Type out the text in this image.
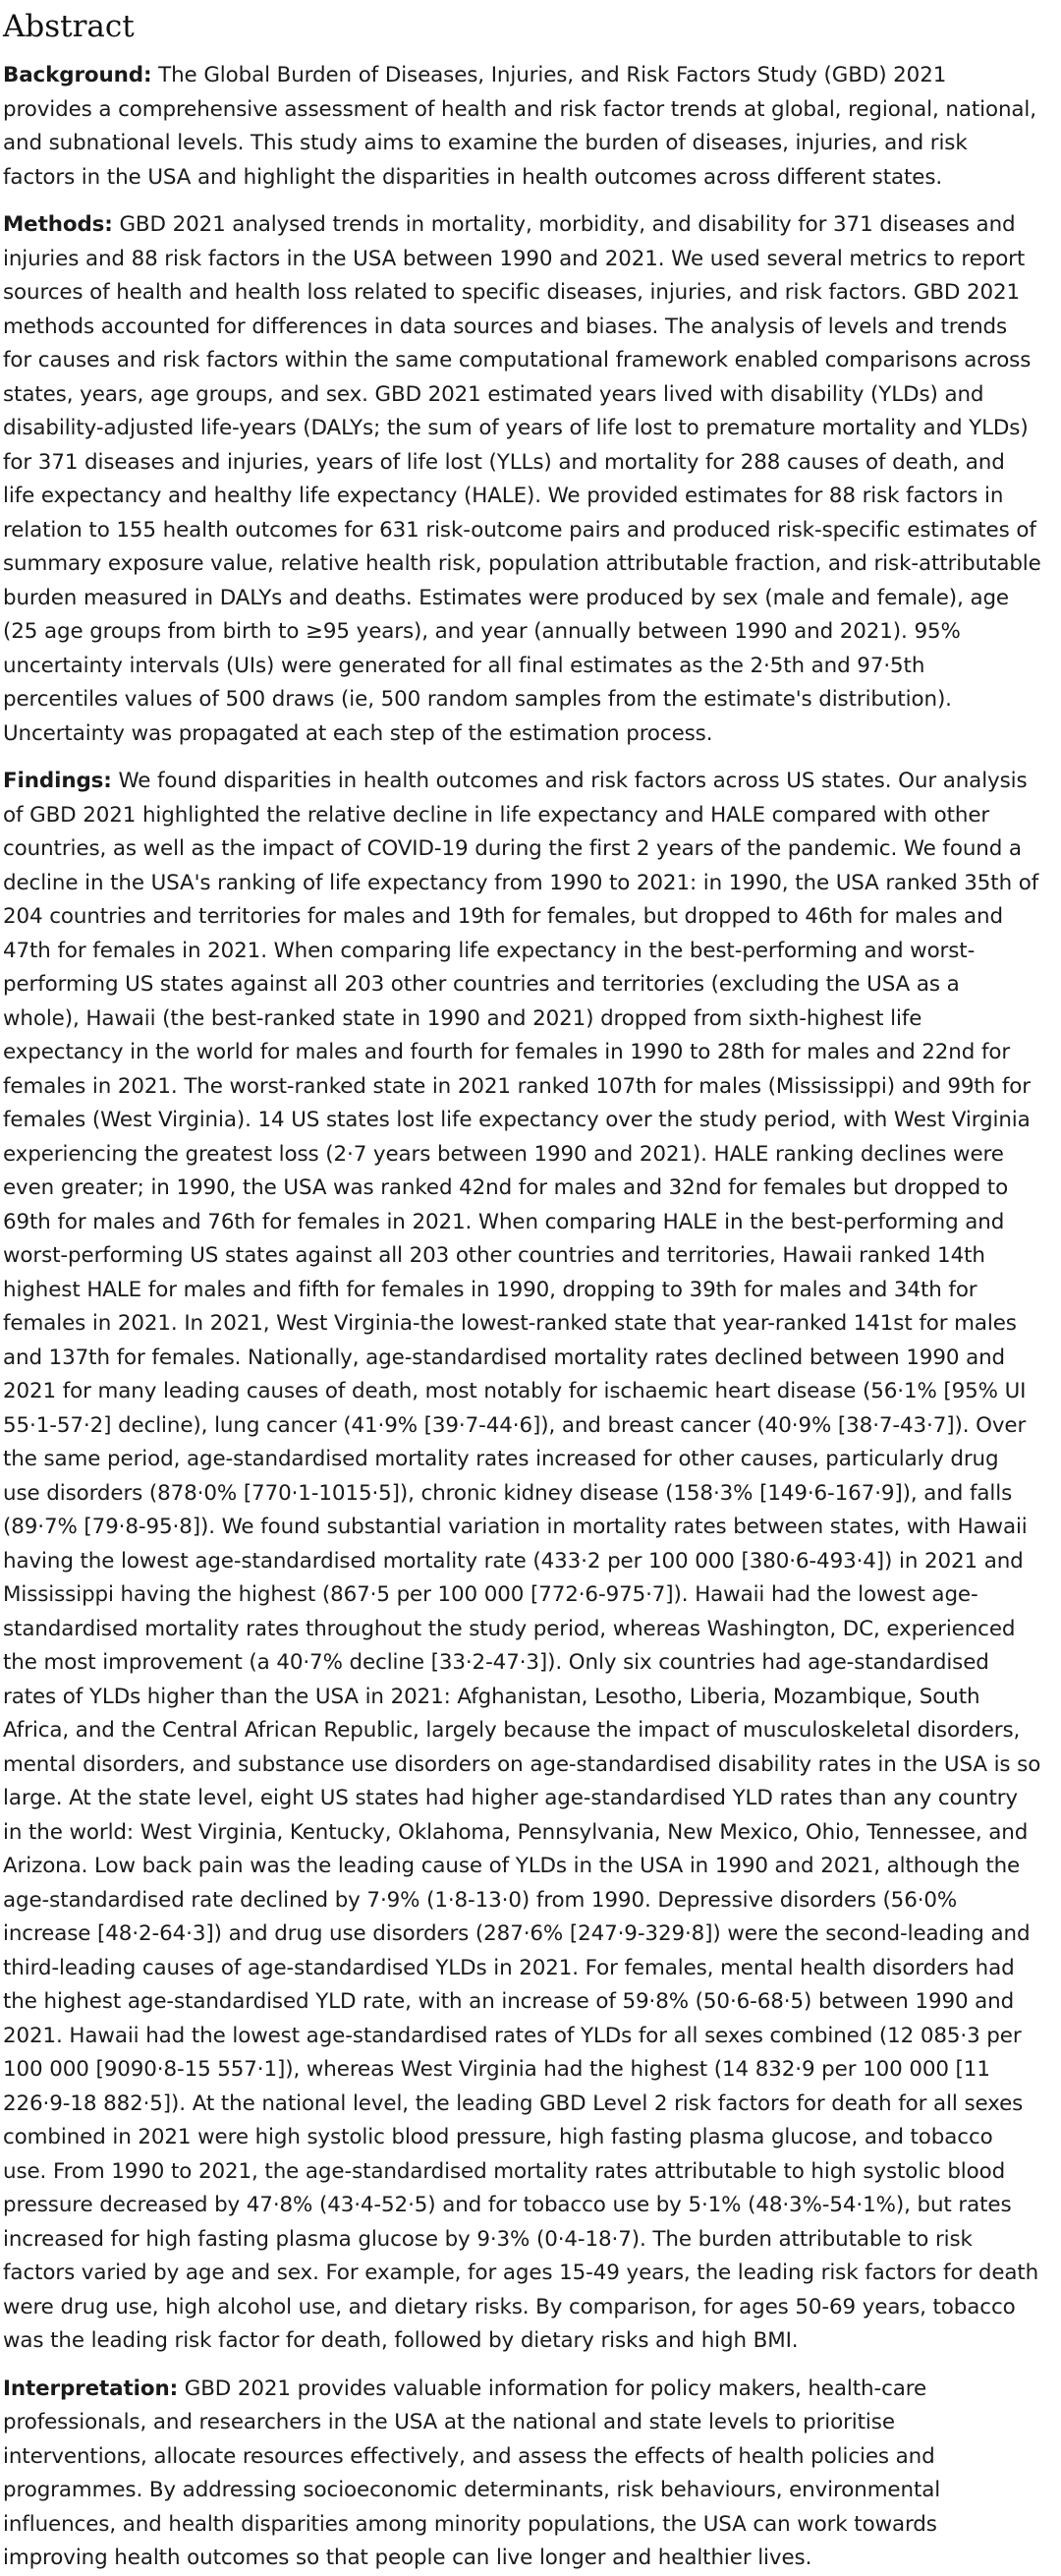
Abstract

Background: The Global Burden of Diseases, Injuries, and Risk Factors Study (GBD) 2021 provides a comprehensive assessment of health and risk factor trends at global, regional, national, and subnational levels. This study aims to examine the burden of diseases, injuries, and risk factors in the USA and highlight the disparities in health outcomes across different states.

Methods: GBD 2021 analysed trends in mortality, morbidity, and disability for 371 diseases and injuries and 88 risk factors in the USA between 1990 and 2021. We used several metrics to report sources of health and health loss related to specific diseases, injuries, and risk factors. GBD 2021 methods accounted for differences in data sources and biases. The analysis of levels and trends for causes and risk factors within the same computational framework enabled comparisons across states, years, age groups, and sex. GBD 2021 estimated years lived with disability (YLDs) and disability-adjusted life-years (DALYs; the sum of years of life lost to premature mortality and YLDs) for 371 diseases and injuries, years of life lost (YLLs) and mortality for 288 causes of death, and life expectancy and healthy life expectancy (HALE). We provided estimates for 88 risk factors in relation to 155 health outcomes for 631 risk-outcome pairs and produced risk-specific estimates of summary exposure value, relative health risk, population attributable fraction, and risk-attributable burden measured in DALYs and deaths. Estimates were produced by sex (male and female), age (25 age groups from birth to ≥95 years), and year (annually between 1990 and 2021). 95% uncertainty intervals (UIs) were generated for all final estimates as the 2·5th and 97·5th percentiles values of 500 draws (ie, 500 random samples from the estimate's distribution). Uncertainty was propagated at each step of the estimation process.

Findings: We found disparities in health outcomes and risk factors across US states. Our analysis of GBD 2021 highlighted the relative decline in life expectancy and HALE compared with other countries, as well as the impact of COVID-19 during the first 2 years of the pandemic. We found a decline in the USA's ranking of life expectancy from 1990 to 2021: in 1990, the USA ranked 35th of 204 countries and territories for males and 19th for females, but dropped to 46th for males and 47th for females in 2021. When comparing life expectancy in the best-performing and worst-performing US states against all 203 other countries and territories (excluding the USA as a whole), Hawaii (the best-ranked state in 1990 and 2021) dropped from sixth-highest life expectancy in the world for males and fourth for females in 1990 to 28th for males and 22nd for females in 2021. The worst-ranked state in 2021 ranked 107th for males (Mississippi) and 99th for females (West Virginia). 14 US states lost life expectancy over the study period, with West Virginia experiencing the greatest loss (2·7 years between 1990 and 2021). HALE ranking declines were even greater; in 1990, the USA was ranked 42nd for males and 32nd for females but dropped to 69th for males and 76th for females in 2021. When comparing HALE in the best-performing and worst-performing US states against all 203 other countries and territories, Hawaii ranked 14th highest HALE for males and fifth for females in 1990, dropping to 39th for males and 34th for females in 2021. In 2021, West Virginia-the lowest-ranked state that year-ranked 141st for males and 137th for females. Nationally, age-standardised mortality rates declined between 1990 and 2021 for many leading causes of death, most notably for ischaemic heart disease (56·1% [95% UI 55·1-57·2] decline), lung cancer (41·9% [39·7-44·6]), and breast cancer (40·9% [38·7-43·7]). Over the same period, age-standardised mortality rates increased for other causes, particularly drug use disorders (878·0% [770·1-1015·5]), chronic kidney disease (158·3% [149·6-167·9]), and falls (89·7% [79·8-95·8]). We found substantial variation in mortality rates between states, with Hawaii having the lowest age-standardised mortality rate (433·2 per 100 000 [380·6-493·4]) in 2021 and Mississippi having the highest (867·5 per 100 000 [772·6-975·7]). Hawaii had the lowest age-standardised mortality rates throughout the study period, whereas Washington, DC, experienced the most improvement (a 40·7% decline [33·2-47·3]). Only six countries had age-standardised rates of YLDs higher than the USA in 2021: Afghanistan, Lesotho, Liberia, Mozambique, South Africa, and the Central African Republic, largely because the impact of musculoskeletal disorders, mental disorders, and substance use disorders on age-standardised disability rates in the USA is so large. At the state level, eight US states had higher age-standardised YLD rates than any country in the world: West Virginia, Kentucky, Oklahoma, Pennsylvania, New Mexico, Ohio, Tennessee, and Arizona. Low back pain was the leading cause of YLDs in the USA in 1990 and 2021, although the age-standardised rate declined by 7·9% (1·8-13·0) from 1990. Depressive disorders (56·0% increase [48·2-64·3]) and drug use disorders (287·6% [247·9-329·8]) were the second-leading and third-leading causes of age-standardised YLDs in 2021. For females, mental health disorders had the highest age-standardised YLD rate, with an increase of 59·8% (50·6-68·5) between 1990 and 2021. Hawaii had the lowest age-standardised rates of YLDs for all sexes combined (12 085·3 per 100 000 [9090·8-15 557·1]), whereas West Virginia had the highest (14 832·9 per 100 000 [11 226·9-18 882·5]). At the national level, the leading GBD Level 2 risk factors for death for all sexes combined in 2021 were high systolic blood pressure, high fasting plasma glucose, and tobacco use. From 1990 to 2021, the age-standardised mortality rates attributable to high systolic blood pressure decreased by 47·8% (43·4-52·5) and for tobacco use by 5·1% (48·3%-54·1%), but rates increased for high fasting plasma glucose by 9·3% (0·4-18·7). The burden attributable to risk factors varied by age and sex. For example, for ages 15-49 years, the leading risk factors for death were drug use, high alcohol use, and dietary risks. By comparison, for ages 50-69 years, tobacco was the leading risk factor for death, followed by dietary risks and high BMI.

Interpretation: GBD 2021 provides valuable information for policy makers, health-care professionals, and researchers in the USA at the national and state levels to prioritise interventions, allocate resources effectively, and assess the effects of health policies and programmes. By addressing socioeconomic determinants, risk behaviours, environmental influences, and health disparities among minority populations, the USA can work towards improving health outcomes so that people can live longer and healthier lives.
